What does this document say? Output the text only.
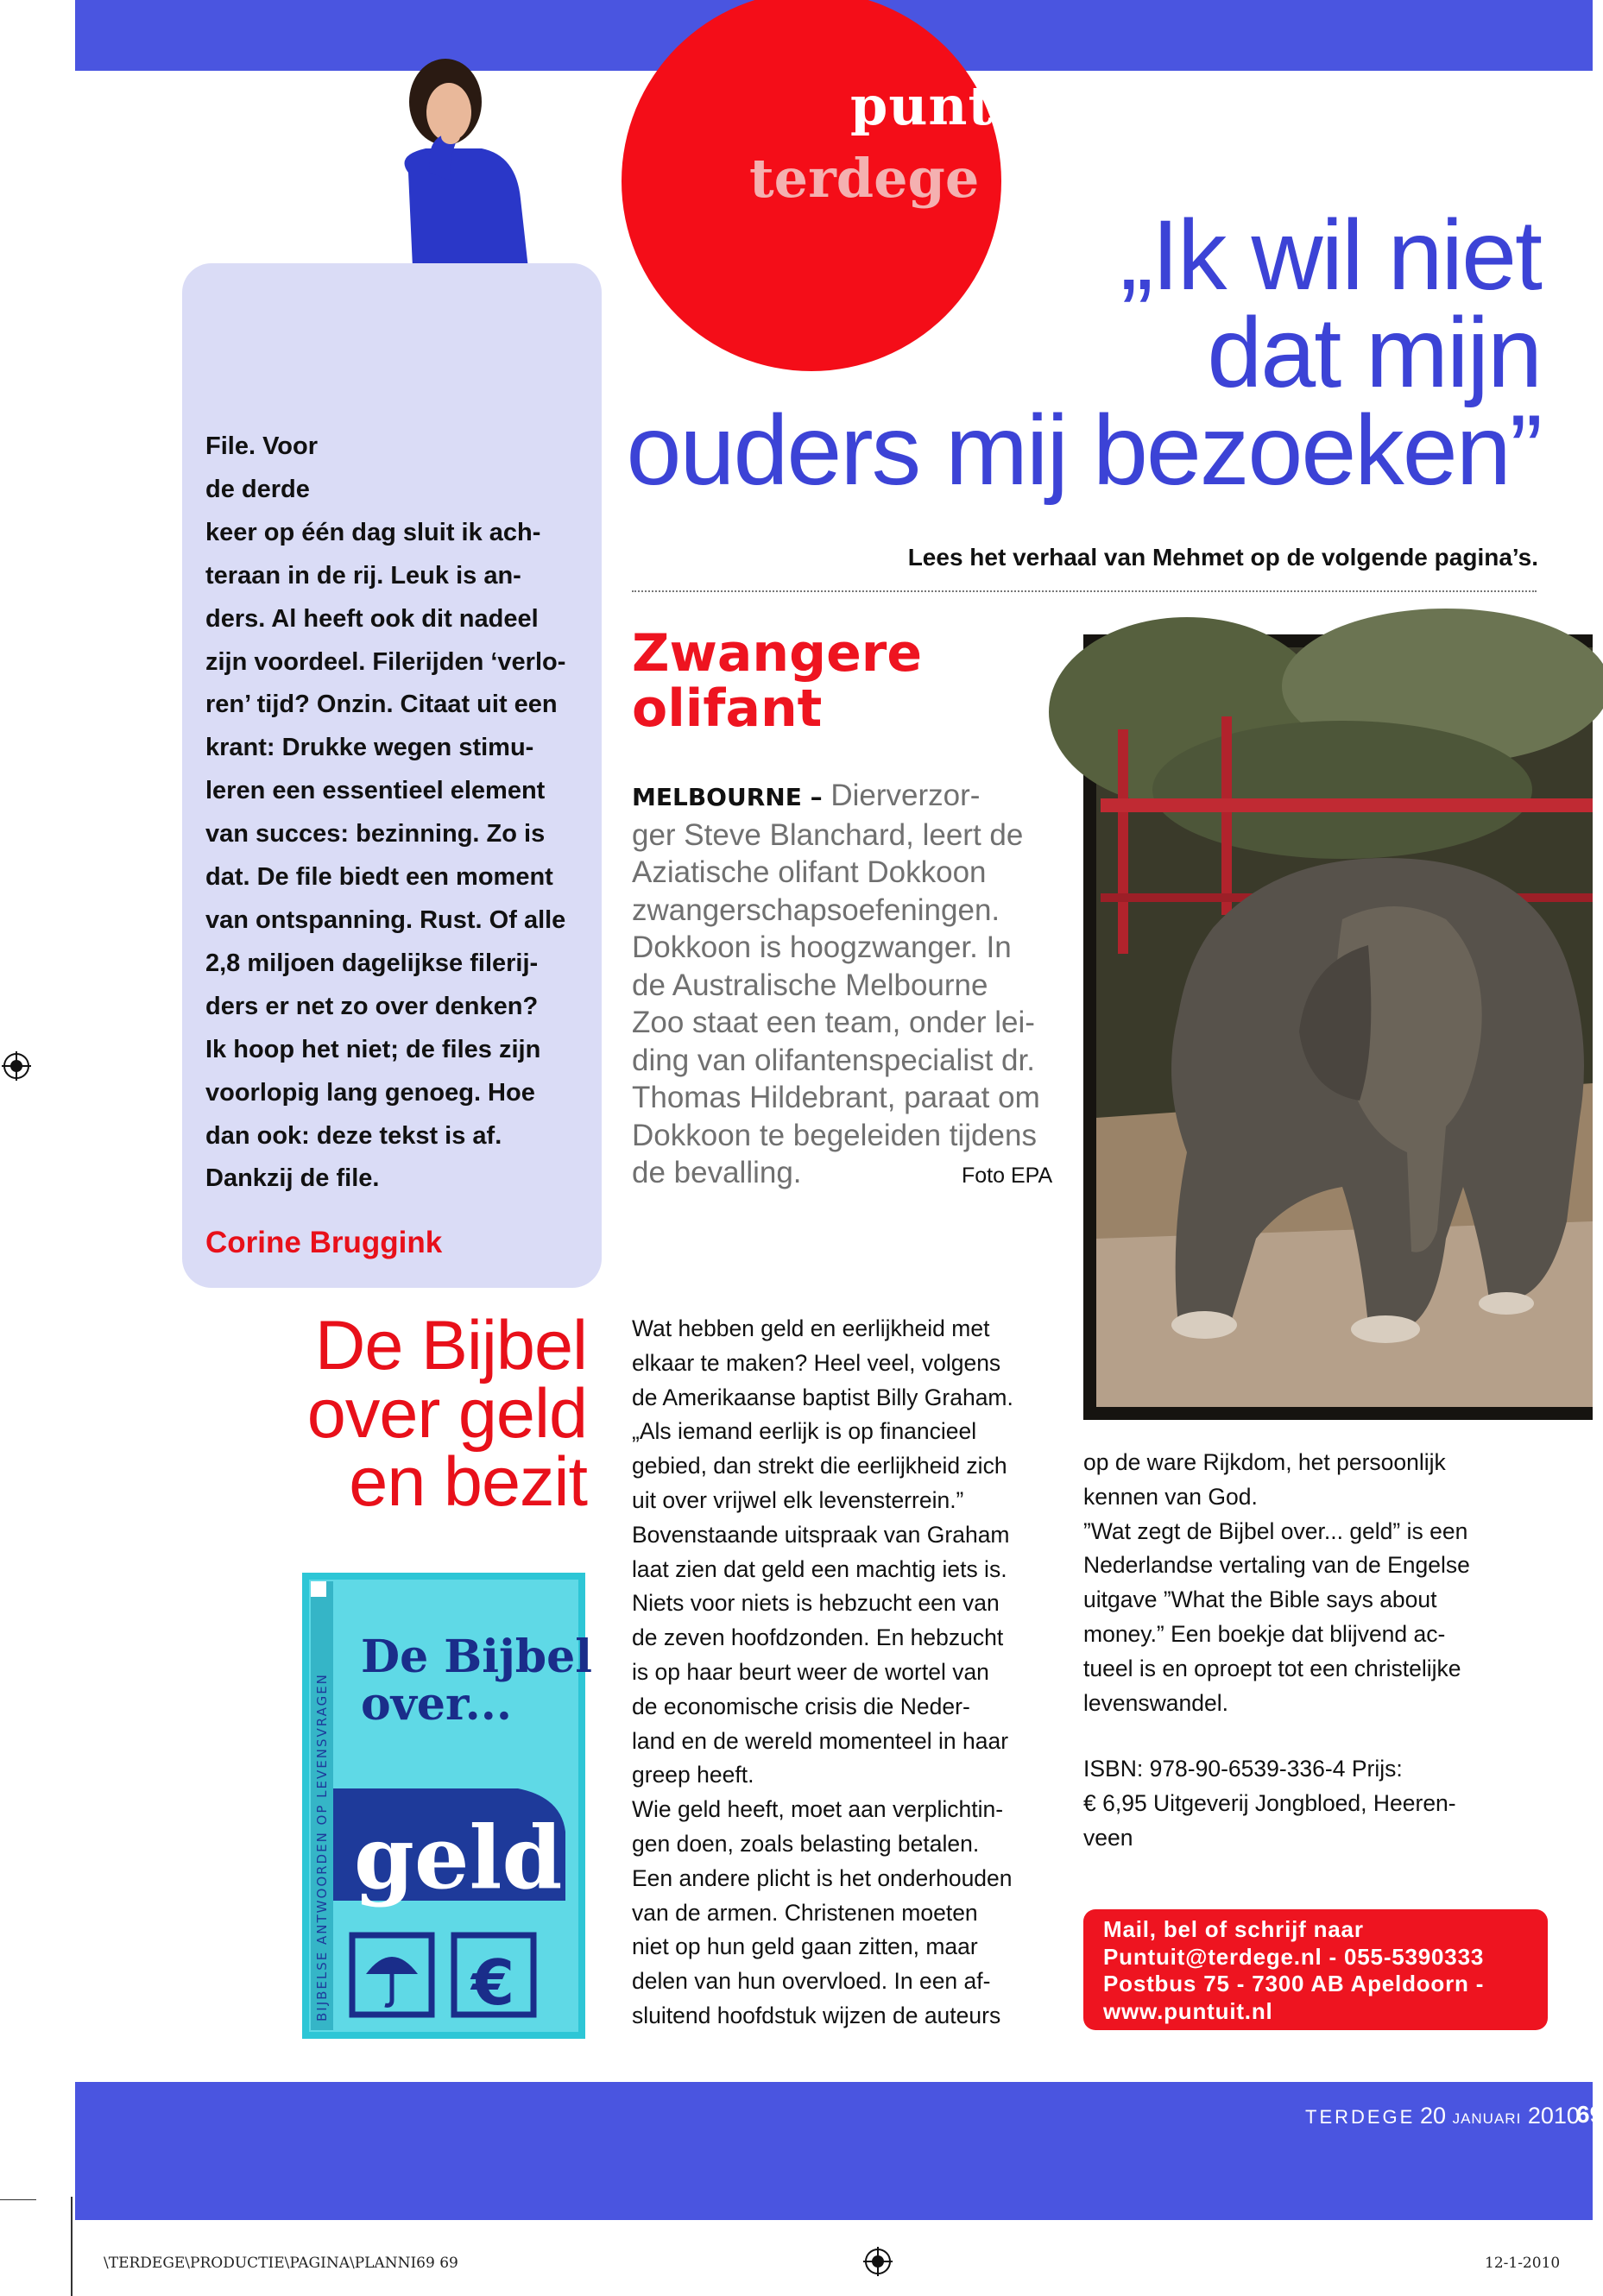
terdege
puntuit
File. Voor
de derde
keer op één dag sluit ik ach-
teraan in de rij. Leuk is an-
ders. Al heeft ook dit nadeel
zijn voordeel. Filerijden ‘verlo-
ren’ tijd? Onzin. Citaat uit een
krant: Drukke wegen stimu-
leren een essentieel element
van succes: bezinning. Zo is
dat. De file biedt een moment
van ontspanning. Rust. Of alle
2,8 miljoen dagelijkse filerij-
ders er net zo over denken?
Ik hoop het niet; de files zijn
voorlopig lang genoeg. Hoe
dan ook: deze tekst is af.
Dankzij de file.
Corine Bruggink
„Ik wil niet
dat mijn
ouders mij bezoeken”
Lees het verhaal van Mehmet op de volgende pagina’s.
Zwangere
olifant
MELBOURNE – Dierverzor-
ger Steve Blanchard, leert de
Aziatische olifant Dokkoon
zwangerschapsoefeningen.
Dokkoon is hoogzwanger. In
de Australische Melbourne
Zoo staat een team, onder lei-
ding van olifantenspecialist dr.
Thomas Hildebrant, paraat om
Dokkoon te begeleiden tijdens
de bevalling.	Foto EPA
De Bijbel
over geld
en bezit
De Bijbel
over...
geld
€
BIJBELSE ANTWOORDEN OP LEVENSVRAGEN
Wat hebben geld en eerlijkheid met
elkaar te maken? Heel veel, volgens
de Amerikaanse baptist Billy Graham.
„Als iemand eerlijk is op financieel
gebied, dan strekt die eerlijkheid zich
uit over vrijwel elk levensterrein.”
Bovenstaande uitspraak van Graham
laat zien dat geld een machtig iets is.
Niets voor niets is hebzucht een van
de zeven hoofdzonden. En hebzucht
is op haar beurt weer de wortel van
de economische crisis die Neder-
land en de wereld momenteel in haar
greep heeft.
Wie geld heeft, moet aan verplichtin-
gen doen, zoals belasting betalen.
Een andere plicht is het onderhouden
van de armen. Christenen moeten
niet op hun geld gaan zitten, maar
delen van hun overvloed. In een af-
sluitend hoofdstuk wijzen de auteurs
op de ware Rijkdom, het persoonlijk
kennen van God.
”Wat zegt de Bijbel over... geld” is een
Nederlandse vertaling van de Engelse
uitgave ”What the Bible says about
money.” Een boekje dat blijvend ac-
tueel is en oproept tot een christelijke
levenswandel.
ISBN: 978-90-6539-336-4 Prijs:
€ 6,95 Uitgeverij Jongbloed, Heeren-
veen
Mail, bel of schrijf naar
Puntuit@terdege.nl - 055-5390333
Postbus 75 - 7300 AB Apeldoorn -
www.puntuit.nl
TERDEGE 20 JANUARI 2010
69
\TERDEGE\PRODUCTIE\PAGINA\PLANNI69 69	12-1-2010
